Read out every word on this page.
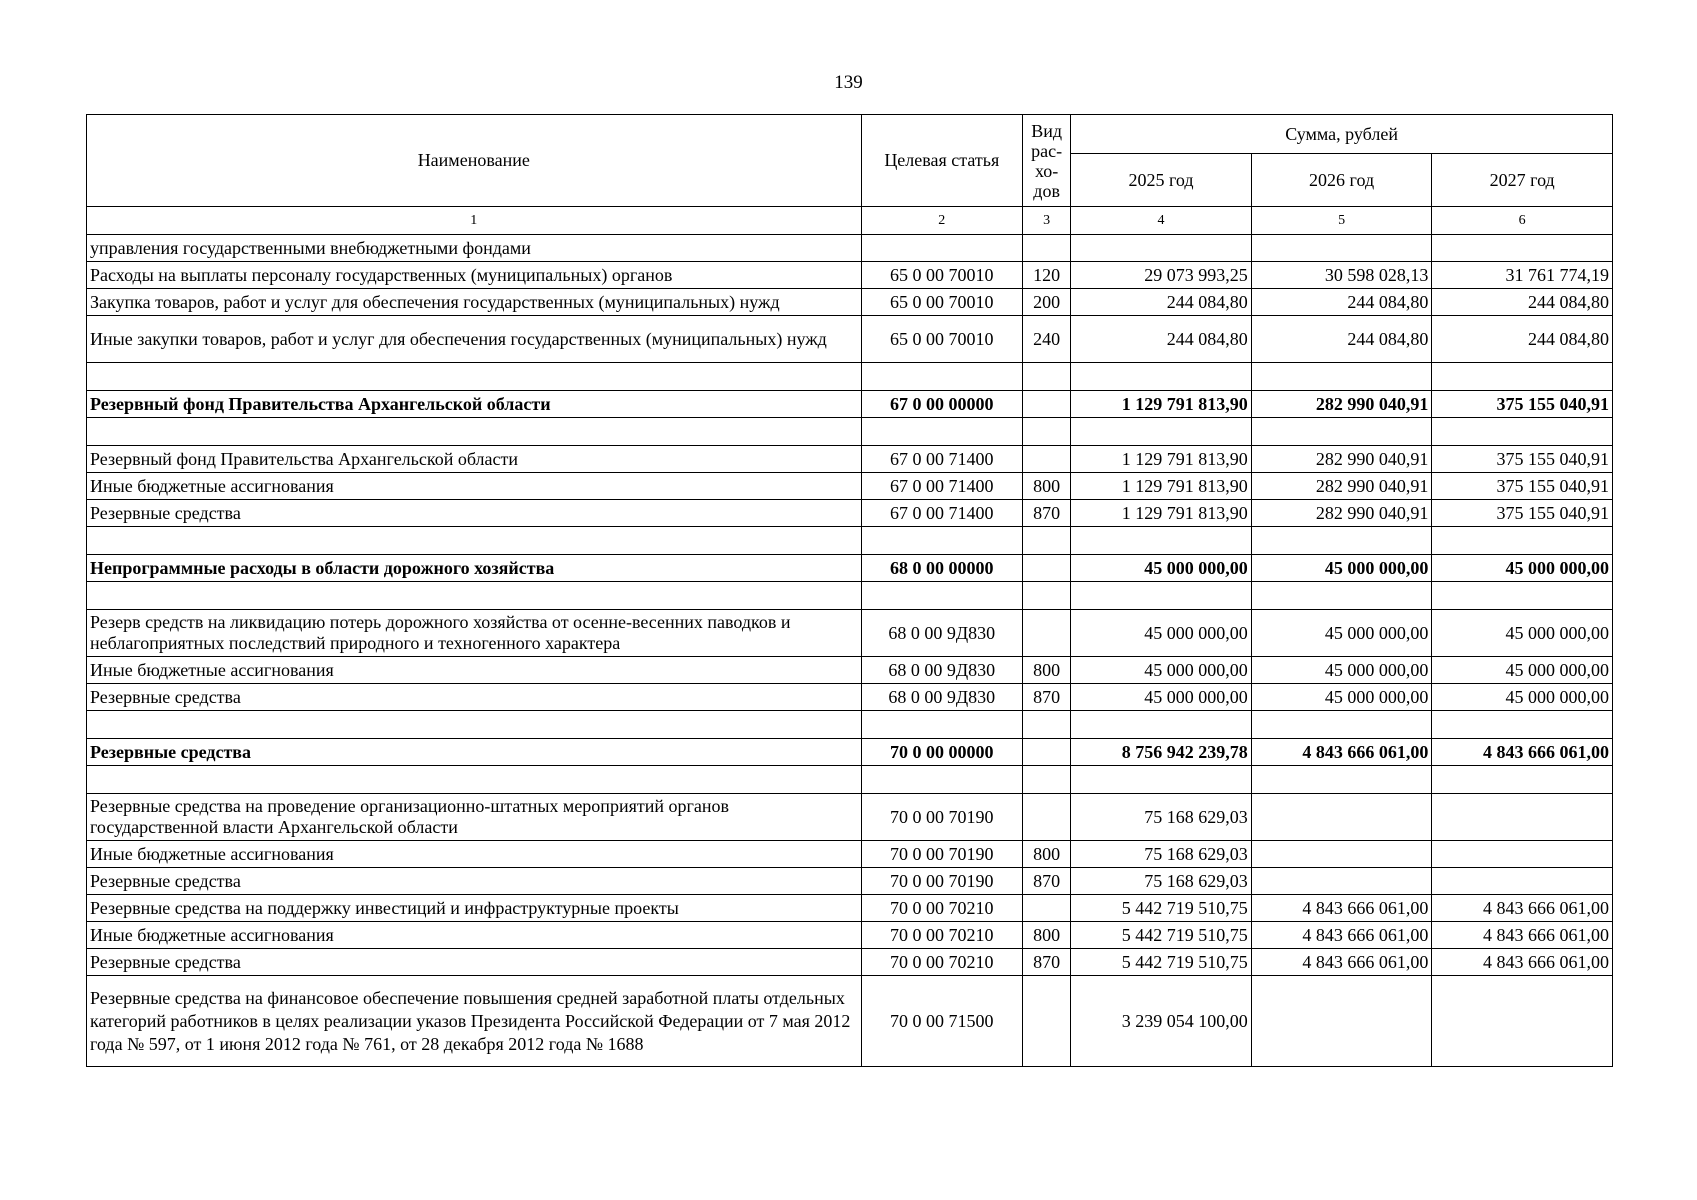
139
Наименование	Целевая статья	Вид рас-хо-дов	Сумма, рублей		
			2025 год	2026 год	2027 год
1	2	3	4	5	6
управления государственными внебюджетными фондами					
Расходы на выплаты персоналу государственных (муниципальных) органов	65 0 00 70010	120	29 073 993,25	30 598 028,13	31 761 774,19
Закупка товаров, работ и услуг для обеспечения государственных (муниципальных) нужд	65 0 00 70010	200	244 084,80	244 084,80	244 084,80
Иные закупки товаров, работ и услуг для обеспечения государственных (муниципальных) нужд	65 0 00 70010	240	244 084,80	244 084,80	244 084,80

Резервный фонд Правительства Архангельской области	67 0 00 00000		1 129 791 813,90	282 990 040,91	375 155 040,91

Резервный фонд Правительства Архангельской области	67 0 00 71400		1 129 791 813,90	282 990 040,91	375 155 040,91
Иные бюджетные ассигнования	67 0 00 71400	800	1 129 791 813,90	282 990 040,91	375 155 040,91
Резервные средства	67 0 00 71400	870	1 129 791 813,90	282 990 040,91	375 155 040,91

Непрограммные расходы в области дорожного хозяйства	68 0 00 00000		45 000 000,00	45 000 000,00	45 000 000,00

Резерв средств на ликвидацию потерь дорожного хозяйства от осенне-весенних паводков и неблагоприятных последствий природного и техногенного характера	68 0 00 9Д830		45 000 000,00	45 000 000,00	45 000 000,00
Иные бюджетные ассигнования	68 0 00 9Д830	800	45 000 000,00	45 000 000,00	45 000 000,00
Резервные средства	68 0 00 9Д830	870	45 000 000,00	45 000 000,00	45 000 000,00

Резервные средства	70 0 00 00000		8 756 942 239,78	4 843 666 061,00	4 843 666 061,00

Резервные средства на проведение организационно-штатных мероприятий органов государственной власти Архангельской области	70 0 00 70190		75 168 629,03		
Иные бюджетные ассигнования	70 0 00 70190	800	75 168 629,03		
Резервные средства	70 0 00 70190	870	75 168 629,03		
Резервные средства на поддержку инвестиций и инфраструктурные проекты	70 0 00 70210		5 442 719 510,75	4 843 666 061,00	4 843 666 061,00
Иные бюджетные ассигнования	70 0 00 70210	800	5 442 719 510,75	4 843 666 061,00	4 843 666 061,00
Резервные средства	70 0 00 70210	870	5 442 719 510,75	4 843 666 061,00	4 843 666 061,00
Резервные средства на финансовое обеспечение повышения средней заработной платы отдельных категорий работников в целях реализации указов Президента Российской Федерации от 7 мая 2012 года № 597, от 1 июня 2012 года № 761, от 28 декабря 2012 года № 1688	70 0 00 71500		3 239 054 100,00		
